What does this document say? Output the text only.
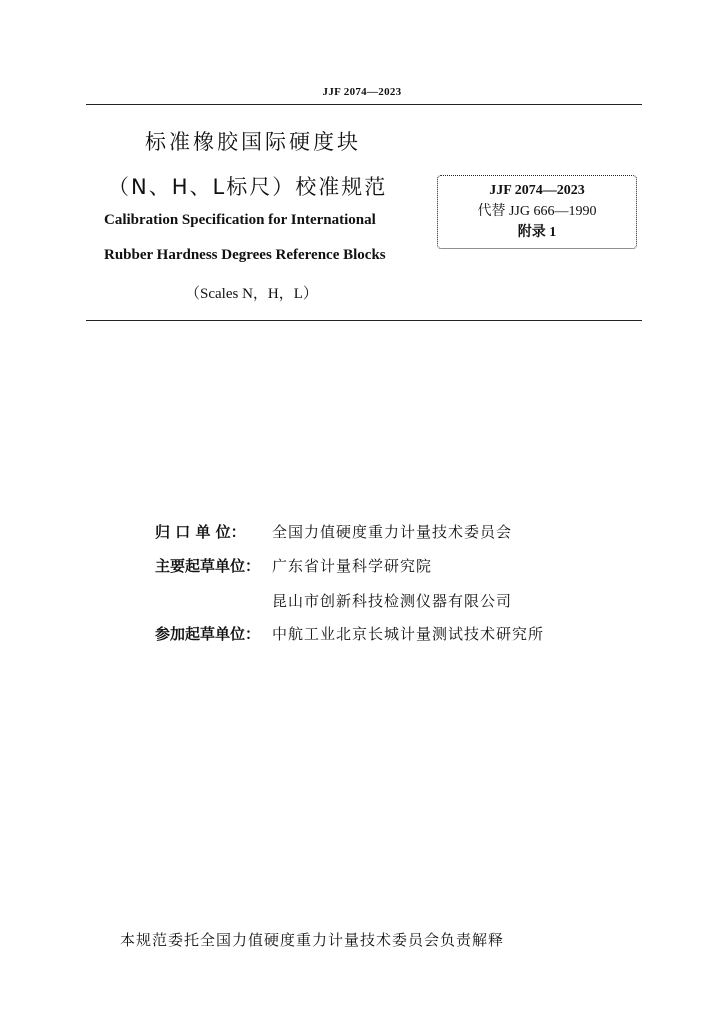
JJF 2074—2023
标准橡胶国际硬度块
（N、H、L标尺）校准规范
Calibration Specification for International
Rubber Hardness Degrees Reference Blocks
（Scales N，H，L）
JJF 2074—2023
代替 JJG 666—1990
附录 1
归 口 单 位：	全国力值硬度重力计量技术委员会
主要起草单位： 广东省计量科学研究院
昆山市创新科技检测仪器有限公司
参加起草单位： 中航工业北京长城计量测试技术研究所
本规范委托全国力值硬度重力计量技术委员会负责解释
